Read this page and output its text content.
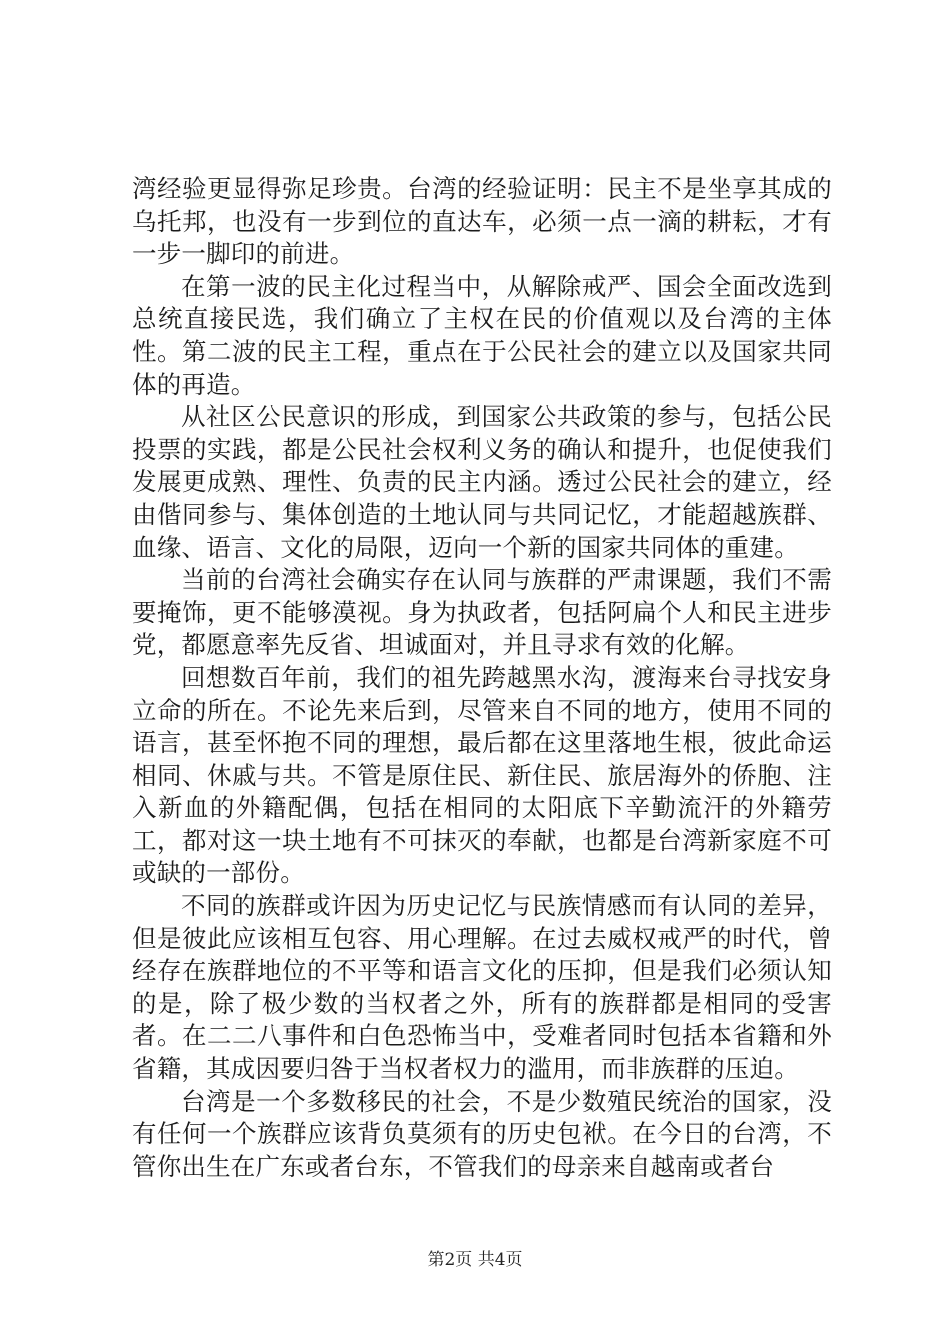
湾经验更显得弥足珍贵。台湾的经验证明：民主不是坐享其成的乌托邦，也没有一步到位的直达车，必须一点一滴的耕耘，才有一步一脚印的前进。

在第一波的民主化过程当中，从解除戒严、国会全面改选到总统直接民选，我们确立了主权在民的价值观以及台湾的主体性。第二波的民主工程，重点在于公民社会的建立以及国家共同体的再造。

从社区公民意识的形成，到国家公共政策的参与，包括公民投票的实践，都是公民社会权利义务的确认和提升，也促使我们发展更成熟、理性、负责的民主内涵。透过公民社会的建立，经由偕同参与、集体创造的土地认同与共同记忆，才能超越族群、血缘、语言、文化的局限，迈向一个新的国家共同体的重建。

当前的台湾社会确实存在认同与族群的严肃课题，我们不需要掩饰，更不能够漠视。身为执政者，包括阿扁个人和民主进步党，都愿意率先反省、坦诚面对，并且寻求有效的化解。

回想数百年前，我们的祖先跨越黑水沟，渡海来台寻找安身立命的所在。不论先来后到，尽管来自不同的地方，使用不同的语言，甚至怀抱不同的理想，最后都在这里落地生根，彼此命运相同、休戚与共。不管是原住民、新住民、旅居海外的侨胞、注入新血的外籍配偶，包括在相同的太阳底下辛勤流汗的外籍劳工，都对这一块土地有不可抹灭的奉献，也都是台湾新家庭不可或缺的一部份。

不同的族群或许因为历史记忆与民族情感而有认同的差异，但是彼此应该相互包容、用心理解。在过去威权戒严的时代，曾经存在族群地位的不平等和语言文化的压抑，但是我们必须认知的是，除了极少数的当权者之外，所有的族群都是相同的受害者。在二二八事件和白色恐怖当中，受难者同时包括本省籍和外省籍，其成因要归咎于当权者权力的滥用，而非族群的压迫。

台湾是一个多数移民的社会，不是少数殖民统治的国家，没有任何一个族群应该背负莫须有的历史包袱。在今日的台湾，不管你出生在广东或者台东，不管我们的母亲来自越南或者台

第2页 共4页
